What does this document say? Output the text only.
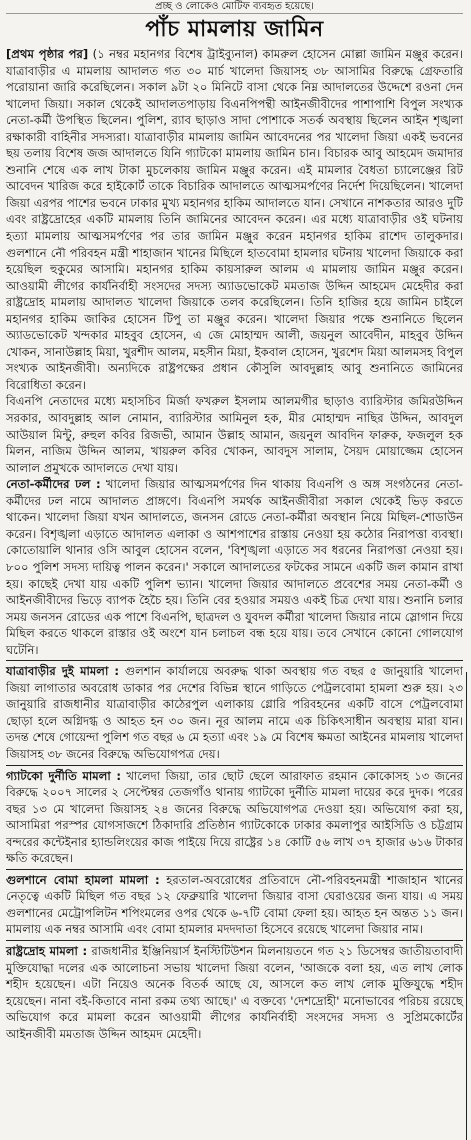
প্রচ্ছ ও লোকেও মোটিফ ব্যবহৃত হয়েছে।
পাঁচ মামলায় জামিন

[প্রথম পৃষ্ঠার পর] (১ নম্বর মহানগর বিশেষ ট্রাইব্যুনাল) কামরুল হোসেন মোল্লা জামিন মঞ্জুর করেন। যাত্রাবাড়ীর এ মামলায় আদালত গত ৩০ মার্চ খালেদা জিয়াসহ ৩৮ আসামির বিরুদ্ধে গ্রেফতারি পরোয়ানা জারি করেছিলেন। সকাল ৯টা ২০ মিনিটে বাসা থেকে নিম্ন আদালতের উদ্দেশে রওনা দেন খালেদা জিয়া। সকাল থেকেই আদালতপাড়ায় বিএনপিপন্থী আইনজীবীদের পাশাপাশি বিপুল সংখ্যক নেতা-কর্মী উপস্থিত ছিলেন। পুলিশ, র‌্যাব ছাড়াও সাদা পোশাকে সতর্ক অবস্থায় ছিলেন আইন শৃঙ্খলা রক্ষাকারী বাহিনীর সদস্যরা। যাত্রাবাড়ীর মামলায় জামিন আবেদনের পর খালেদা জিয়া একই ভবনের ছয় তলায় বিশেষ জজ আদালতে যিনি গ্যাটকো মামলায় জামিন চান। বিচারক আবু আহমেদ জমাদার শুনানি শেষে এক লাখ টাকা মুচলেকায় জামিন মঞ্জুর করেন। এই মামলার বৈধতা চ্যালেঞ্জের রিট আবেদন খারিজ করে হাইকোর্ট তাকে বিচারিক আদালতে আত্মসমর্পণের নির্দেশ দিয়েছিলেন। খালেদা জিয়া এরপর পাশের ভবনে ঢাকার মুখ্য মহানগর হাকিম আদালতে যান। সেখানে নাশকতার আরও দুটি এবং রাষ্ট্রদ্রোহের একটি মামলায় তিনি জামিনের আবেদন করেন। এর মধ্যে যাত্রাবাড়ীর ওই ঘটনায় হত্যা মামলায় আত্মসমর্পণের পর তার জামিন মঞ্জুর করেন মহানগর হাকিম রাশেদ তালুকদার। গুলশানে নৌ পরিবহন মন্ত্রী শাহাজান খানের মিছিলে হাতবোমা হামলার ঘটনায় খালেদা জিয়াকে করা হয়েছিল হুকুমের আসামি। মহানগর হাকিম কায়সারুল আলম এ মামলায় জামিন মঞ্জুর করেন। আওয়ামী লীগের কার্যনির্বাহী সংসদের সদস্য অ্যাডভোকেট মমতাজ উদ্দিন আহমেদ মেহেদীর করা রাষ্ট্রদ্রোহ মামলায় আদালত খালেদা জিয়াকে তলব করেছিলেন। তিনি হাজির হয়ে জামিন চাইলে মহানগর হাকিম জাকির হোসেন টিপু তা মঞ্জুর করেন। খালেদা জিয়ার পক্ষে শুনানিতে ছিলেন অ্যাডভোকেট খন্দকার মাহবুব হোসেন, এ জে মোহাম্মদ আলী, জয়নুল আবেদীন, মাহবুব উদ্দিন খোকন, সানাউল্লাহ মিয়া, খুরশীদ আলম, মহসীন মিয়া, ইকবাল হোসেন, খুরশেদ মিয়া আলমসহ বিপুল সংখ্যক আইনজীবী। অন্যদিকে রাষ্ট্রপক্ষের প্রধান কৌসুলি আবদুল্লাহ আবু শুনানিতে জামিনের বিরোধিতা করেন।

বিএনপি নেতাদের মধ্যে মহাসচিব মির্জা ফখরুল ইসলাম আলমগীর ছাড়াও ব্যারিস্টার জমিরউদ্দিন সরকার, আবদুল্লাহ আল নোমান, ব্যারিস্টার আমিনুল হক, মীর মোহাম্মদ নাছির উদ্দিন, আবদুল আউয়াল মিন্টু, রুহুল কবির রিজভী, আমান উল্লাহ আমান, জয়নুল আবদিন ফারুক, ফজলুল হক মিলন, নাজিম উদ্দিন আলম, খায়রুল কবির খোকন, আবদুস সালাম, সৈয়দ মোয়াজ্জেম হোসেন আলাল প্রমুখকে আদালতে দেখা যায়।

নেতা-কর্মীদের ঢল : খালেদা জিয়ার আত্মসমর্পণের দিন থাকায় বিএনপি ও অঙ্গ সংগঠনের নেতা-কর্মীদের ঢল নামে আদালত প্রাঙ্গণে। বিএনপি সমর্থক আইনজীবীরা সকাল থেকেই ভিড় করতে থাকেন। খালেদা জিয়া যখন আদালতে, জনসন রোডে নেতা-কর্মীরা অবস্থান নিয়ে মিছিল-শোডাউন করেন। বিশৃঙ্খলা এড়াতে আদালত এলাকা ও আশপাশের রাস্তায় নেওয়া হয় কঠোর নিরাপত্তা ব্যবস্থা। কোতোয়ালি থানার ওসি আবুল হোসেন বলেন, 'বিশৃঙ্খলা এড়াতে সব ধরনের নিরাপত্তা নেওয়া হয়। ৮০০ পুলিশ সদস্য দায়িত্ব পালন করেন।' সকালে আদালতের ফটকের সামনে একটি জল কামান রাখা হয়। কাছেই দেখা যায় একটি পুলিশ ভ্যান। খালেদা জিয়ার আদালতে প্রবেশের সময় নেতা-কর্মী ও আইনজীবীদের ভিড়ে ব্যাপক হৈচৈ হয়। তিনি বের হওয়ার সময়ও একই চিত্র দেখা যায়। শুনানি চলার সময় জনসন রোডের এক পাশে বিএনপি, ছাত্রদল ও যুবদল কর্মীরা খালেদা জিয়ার নামে স্লোগান দিয়ে মিছিল করতে থাকলে রাস্তার ওই অংশে যান চলাচল বন্ধ হয়ে যায়। তবে সেখানে কোনো গোলযোগ ঘটেনি।

যাত্রাবাড়ীর দুই মামলা : গুলশান কার্যালয়ে অবরুদ্ধ থাকা অবস্থায় গত বছর ৫ জানুয়ারি খালেদা জিয়া লাগাতার অবরোধ ডাকার পর দেশের বিভিন্ন স্থানে গাড়িতে পেট্রলবোমা হামলা শুরু হয়। ২৩ জানুয়ারি রাজধানীর যাত্রাবাড়ীর কাঠেরপুল এলাকায় গ্লোরি পরিবহনের একটি বাসে পেট্রলবোমা ছোড়া হলে অগ্নিদগ্ধ ও আহত হন ৩০ জন। নূর আলম নামে এক চিকিৎসাধীন অবস্থায় মারা যান। তদন্ত শেষে গোয়েন্দা পুলিশ গত বছর ৬ মে হত্যা এবং ১৯ মে বিশেষ ক্ষমতা আইনের মামলায় খালেদা জিয়াসহ ৩৮ জনের বিরুদ্ধে অভিযোগপত্র দেয়।

গ্যাটকো দুর্নীতি মামলা : খালেদা জিয়া, তার ছোট ছেলে আরাফাত রহমান কোকোসহ ১৩ জনের বিরুদ্ধে ২০০৭ সালের ২ সেপ্টেম্বর তেজগাঁও থানায় গ্যাটকো দুর্নীতি মামলা দায়ের করে দুদক। পরের বছর ১৩ মে খালেদা জিয়াসহ ২৪ জনের বিরুদ্ধে অভিযোগপত্র দেওয়া হয়। অভিযোগ করা হয়, আসামিরা পরস্পর যোগসাজশে ঠিকাদারি প্রতিষ্ঠান গ্যাটকোকে ঢাকার কমলাপুর আইসিডি ও চট্টগ্রাম বন্দরের কন্টেইনার হ্যান্ডলিংয়ের কাজ পাইয়ে দিয়ে রাষ্ট্রের ১৪ কোটি ৫৬ লাখ ৩৭ হাজার ৬১৬ টাকার ক্ষতি করেছেন।

গুলশানে বোমা হামলা মামলা : হরতাল-অবরোধের প্রতিবাদে নৌ-পরিবহনমন্ত্রী শাজাহান খানের নেতৃত্বে একটি মিছিল গত বছর ১২ ফেব্রুয়ারি খালেদা জিয়ার বাসা ঘেরাওয়ের জন্য যায়। এ সময় গুলশানের মেট্রোপলিটন শপিংমলের ওপর থেকে ৬-৭টি বোমা ফেলা হয়। আহত হন অন্তত ১১ জন। মামলায় এক নম্বর আসামি এবং বোমা হামলার মদদদাতা হিসেবে রয়েছে খালেদা জিয়ার নাম।

রাষ্ট্রদ্রোহ মামলা : রাজধানীর ইঞ্জিনিয়ার্স ইনস্টিটিউশন মিলনায়তনে গত ২১ ডিসেম্বর জাতীয়তাবাদী মুক্তিযোদ্ধা দলের এক আলোচনা সভায় খালেদা জিয়া বলেন, 'আজকে বলা হয়, এত লাখ লোক শহীদ হয়েছেন। এটা নিয়েও অনেক বিতর্ক আছে যে, আসলে কত লাখ লোক মুক্তিযুদ্ধে শহীদ হয়েছেন। নানা বই-কিতাবে নানা রকম তথ্য আছে।' এ বক্তব্যে 'দেশদ্রোহী' মনোভাবের পরিচয় রয়েছে অভিযোগ করে মামলা করেন আওয়ামী লীগের কার্যনির্বাহী সংসদের সদস্য ও সুপ্রিমকোর্টের আইনজীবী মমতাজ উদ্দিন আহমদ মেহেদী।
